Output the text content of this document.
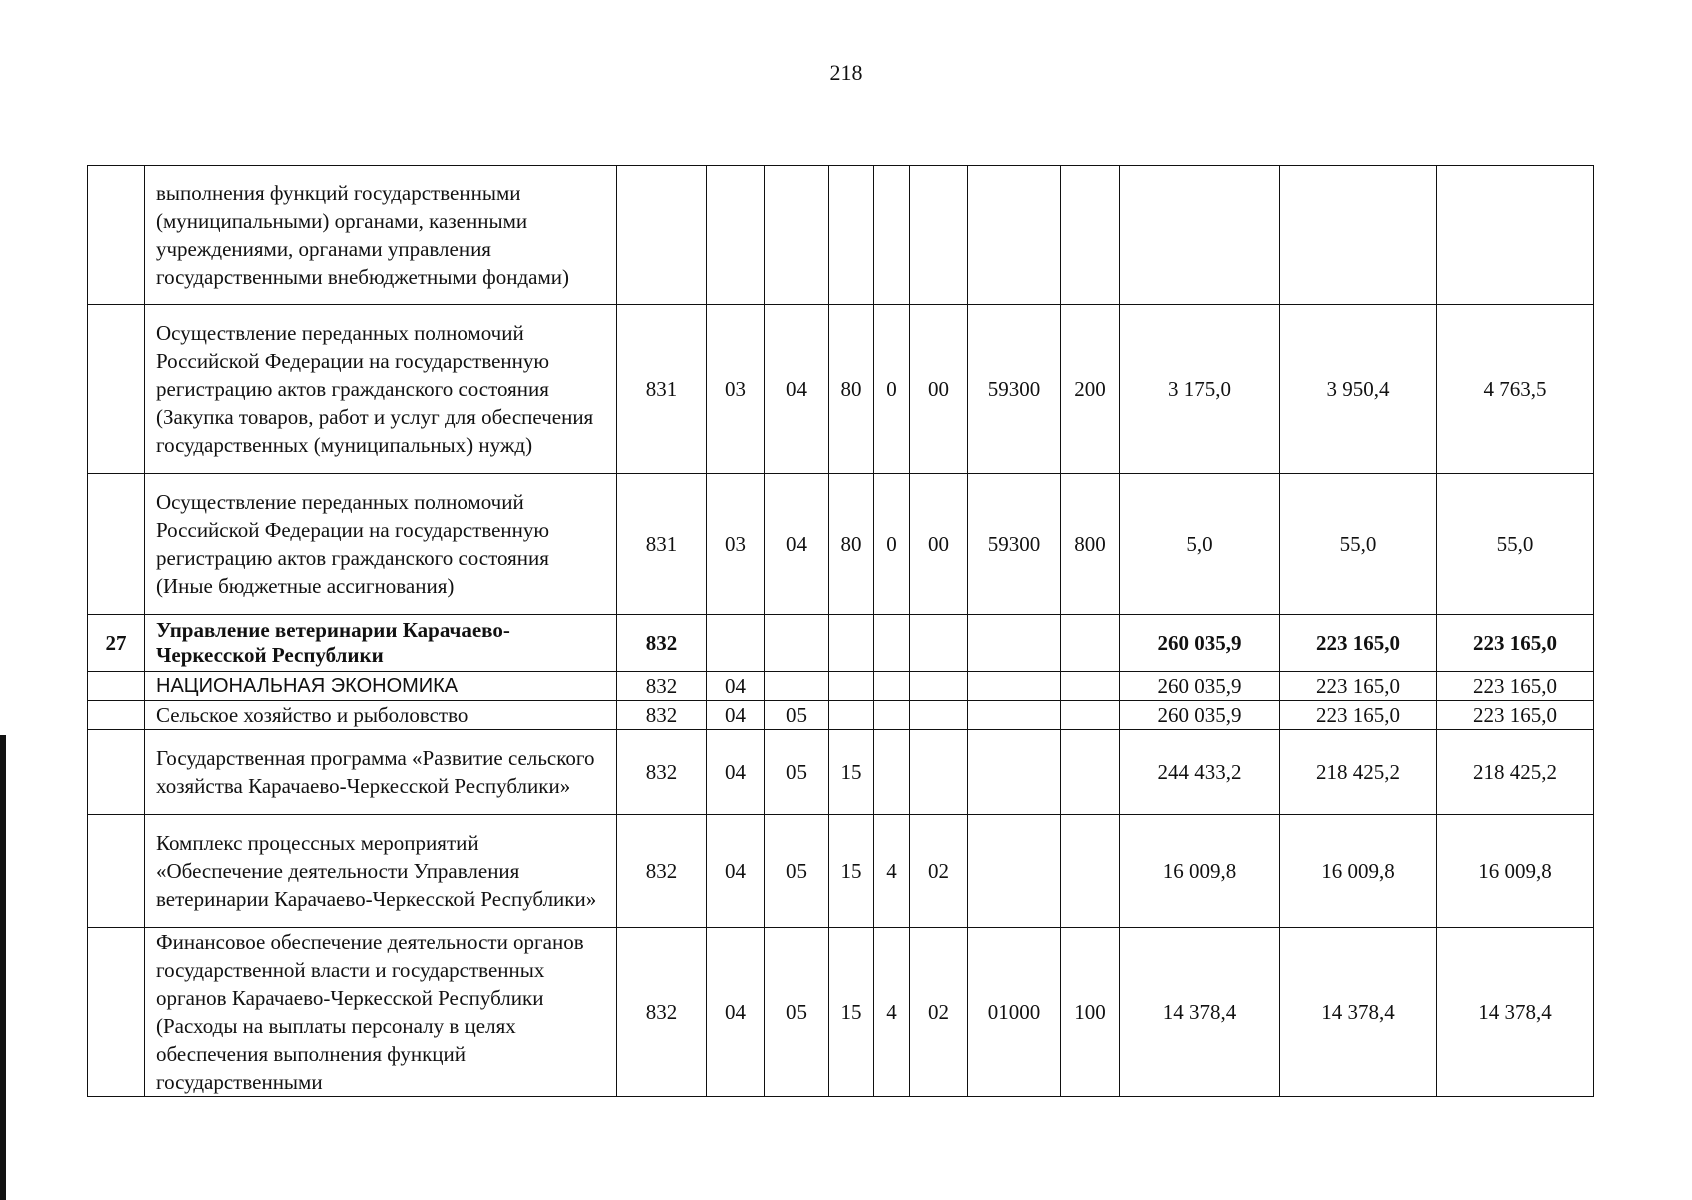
218
	выполнения функций государственными (муниципальными) органами, казенными учреждениями, органами управления государственными внебюджетными фондами)											
	Осуществление переданных полномочий Российской Федерации на государственную регистрацию актов гражданского состояния (Закупка товаров, работ и услуг для обеспечения государственных (муниципальных) нужд)	831	03	04	80	0	00	59300	200	3 175,0	3 950,4	4 763,5
	Осуществление переданных полномочий Российской Федерации на государственную регистрацию актов гражданского состояния (Иные бюджетные ассигнования)	831	03	04	80	0	00	59300	800	5,0	55,0	55,0
27	Управление ветеринарии Карачаево-Черкесской Республики	832								260 035,9	223 165,0	223 165,0
	НАЦИОНАЛЬНАЯ ЭКОНОМИКА	832	04							260 035,9	223 165,0	223 165,0
	Сельское хозяйство и рыболовство	832	04	05						260 035,9	223 165,0	223 165,0
	Государственная программа «Развитие сельского хозяйства Карачаево-Черкесской Республики»	832	04	05	15					244 433,2	218 425,2	218 425,2
	Комплекс процессных мероприятий «Обеспечение деятельности Управления ветеринарии Карачаево-Черкесской Республики»	832	04	05	15	4	02			16 009,8	16 009,8	16 009,8
	Финансовое обеспечение деятельности органов государственной власти и государственных органов Карачаево-Черкесской Республики (Расходы на выплаты персоналу в целях обеспечения выполнения функций государственными	832	04	05	15	4	02	01000	100	14 378,4	14 378,4	14 378,4
